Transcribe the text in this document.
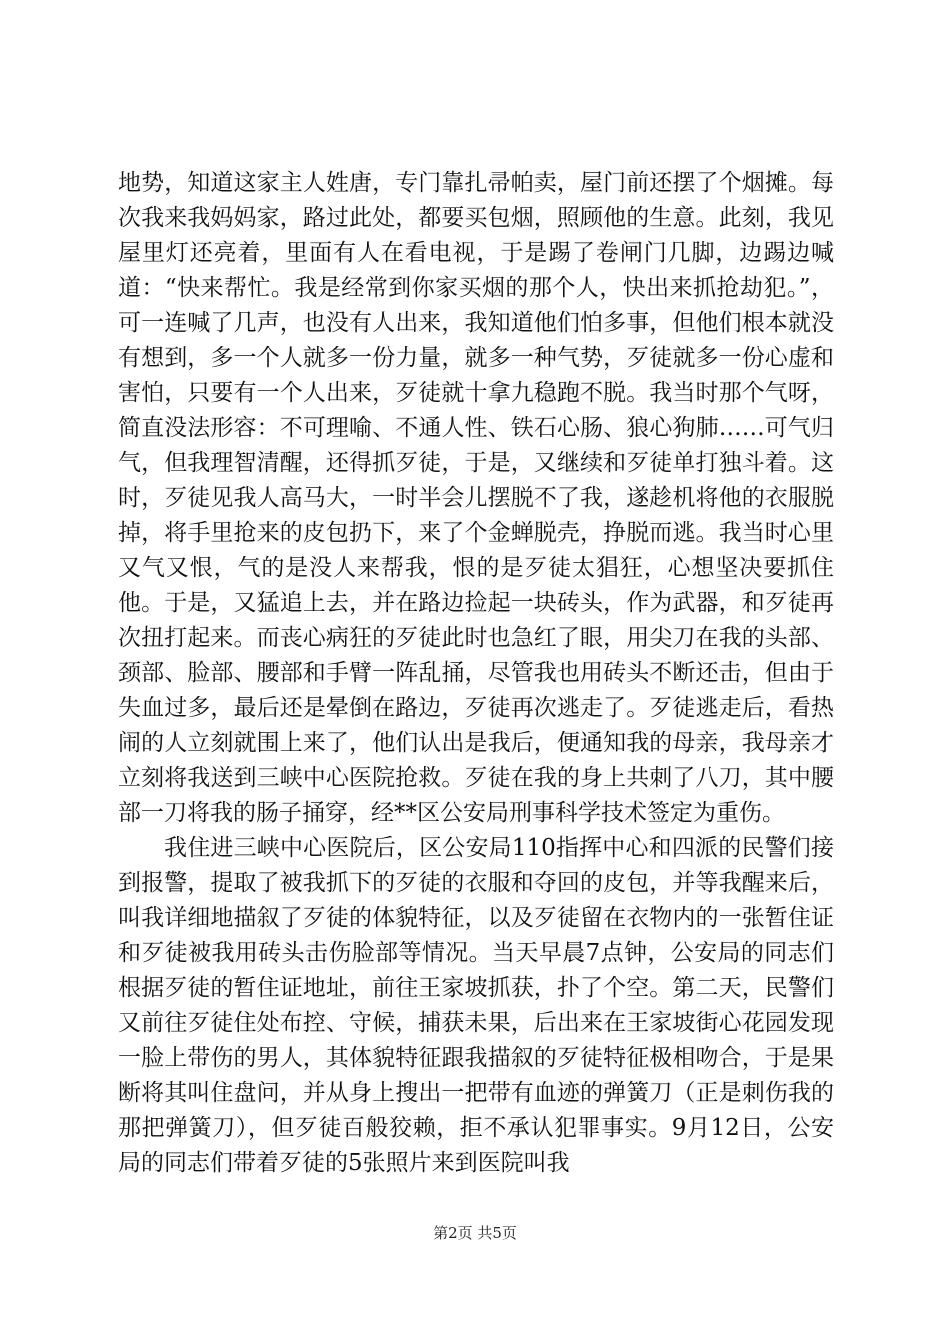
地势，知道这家主人姓唐，专门靠扎帚帕卖，屋门前还摆了个烟摊。每次我来我妈妈家，路过此处，都要买包烟，照顾他的生意。此刻，我见屋里灯还亮着，里面有人在看电视，于是踢了卷闸门几脚，边踢边喊道：“快来帮忙。我是经常到你家买烟的那个人，快出来抓抢劫犯。”，可一连喊了几声，也没有人出来，我知道他们怕多事，但他们根本就没有想到，多一个人就多一份力量，就多一种气势，歹徒就多一份心虚和害怕，只要有一个人出来，歹徒就十拿九稳跑不脱。我当时那个气呀，简直没法形容：不可理喻、不通人性、铁石心肠、狼心狗肺……可气归气，但我理智清醒，还得抓歹徒，于是，又继续和歹徒单打独斗着。这时，歹徒见我人高马大，一时半会儿摆脱不了我，遂趁机将他的衣服脱掉，将手里抢来的皮包扔下，来了个金蝉脱壳，挣脱而逃。我当时心里又气又恨，气的是没人来帮我，恨的是歹徒太猖狂，心想坚决要抓住他。于是，又猛追上去，并在路边捡起一块砖头，作为武器，和歹徒再次扭打起来。而丧心病狂的歹徒此时也急红了眼，用尖刀在我的头部、颈部、脸部、腰部和手臂一阵乱捅，尽管我也用砖头不断还击，但由于失血过多，最后还是晕倒在路边，歹徒再次逃走了。歹徒逃走后，看热闹的人立刻就围上来了，他们认出是我后，便通知我的母亲，我母亲才立刻将我送到三峡中心医院抢救。歹徒在我的身上共刺了八刀，其中腰部一刀将我的肠子捅穿，经**区公安局刑事科学技术签定为重伤。

我住进三峡中心医院后，区公安局110指挥中心和四派的民警们接到报警，提取了被我抓下的歹徒的衣服和夺回的皮包，并等我醒来后，叫我详细地描叙了歹徒的体貌特征，以及歹徒留在衣物内的一张暂住证和歹徒被我用砖头击伤脸部等情况。当天早晨7点钟，公安局的同志们根据歹徒的暂住证地址，前往王家坡抓获，扑了个空。第二天，民警们又前往歹徒住处布控、守候，捕获未果，后出来在王家坡街心花园发现一脸上带伤的男人，其体貌特征跟我描叙的歹徒特征极相吻合，于是果断将其叫住盘问，并从身上搜出一把带有血迹的弹簧刀（正是刺伤我的那把弹簧刀），但歹徒百般狡赖，拒不承认犯罪事实。9月12日，公安局的同志们带着歹徒的5张照片来到医院叫我

第2页 共5页
